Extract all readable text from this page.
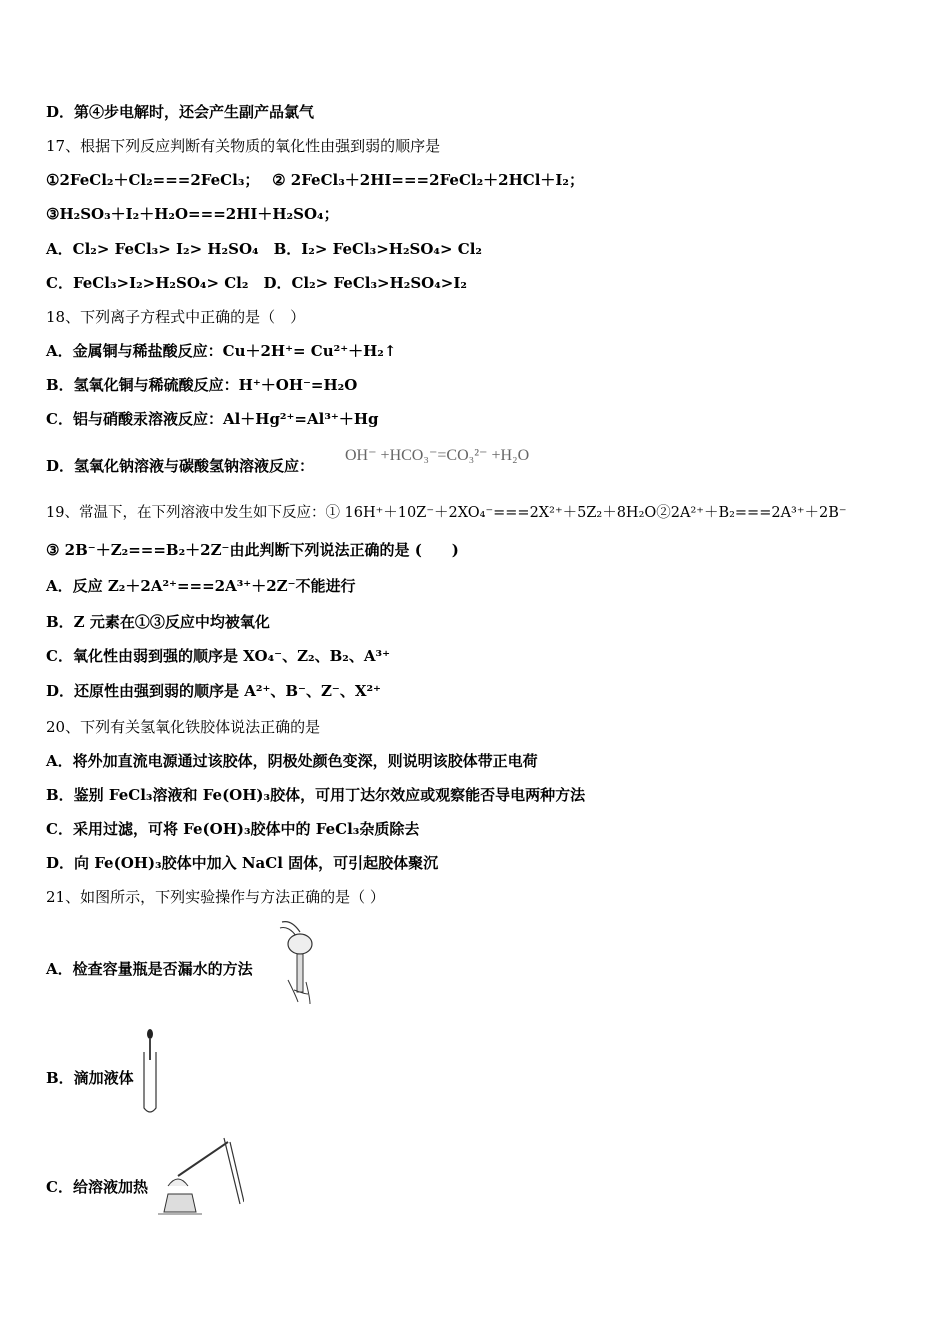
D．第④步电解时，还会产生副产品氯气
17、根据下列反应判断有关物质的氧化性由强到弱的顺序是
①2FeCl₂＋Cl₂===2FeCl₃；　 ② 2FeCl₃＋2HI===2FeCl₂＋2HCl＋I₂；
③H₂SO₃＋I₂＋H₂O===2HI＋H₂SO₄；
A．Cl₂> FeCl₃> I₂> H₂SO₄　B．I₂> FeCl₃>H₂SO₄> Cl₂
C．FeCl₃>I₂>H₂SO₄> Cl₂　D．Cl₂> FeCl₃>H₂SO₄>I₂
18、下列离子方程式中正确的是（　）
A．金属铜与稀盐酸反应：Cu＋2H⁺= Cu²⁺＋H₂↑
B．氢氧化铜与稀硫酸反应：H⁺＋OH⁻=H₂O
C．铝与硝酸汞溶液反应：Al＋Hg²⁺=Al³⁺＋Hg
D．氢氧化钠溶液与碳酸氢钠溶液反应：
OH⁻ +HCO₃⁻=CO₃²⁻ +H₂O
19、常温下，在下列溶液中发生如下反应：① 16H⁺＋10Z⁻＋2XO₄⁻===2X²⁺＋5Z₂＋8H₂O②2A²⁺＋B₂===2A³⁺＋2B⁻
③ 2B⁻＋Z₂===B₂＋2Z⁻由此判断下列说法正确的是 (　　)
A．反应 Z₂＋2A²⁺===2A³⁺＋2Z⁻不能进行
B．Z 元素在①③反应中均被氧化
C．氧化性由弱到强的顺序是 XO₄⁻、Z₂、B₂、A³⁺
D．还原性由强到弱的顺序是 A²⁺、B⁻、Z⁻、X²⁺
20、下列有关氢氧化铁胶体说法正确的是
A．将外加直流电源通过该胶体，阴极处颜色变深，则说明该胶体带正电荷
B．鉴别 FeCl₃溶液和 Fe(OH)₃胶体，可用丁达尔效应或观察能否导电两种方法
C．采用过滤，可将 Fe(OH)₃胶体中的 FeCl₃杂质除去
D．向 Fe(OH)₃胶体中加入 NaCl 固体，可引起胶体聚沉
21、如图所示，下列实验操作与方法正确的是（ ）
A．检查容量瓶是否漏水的方法
B．滴加液体
C．给溶液加热
